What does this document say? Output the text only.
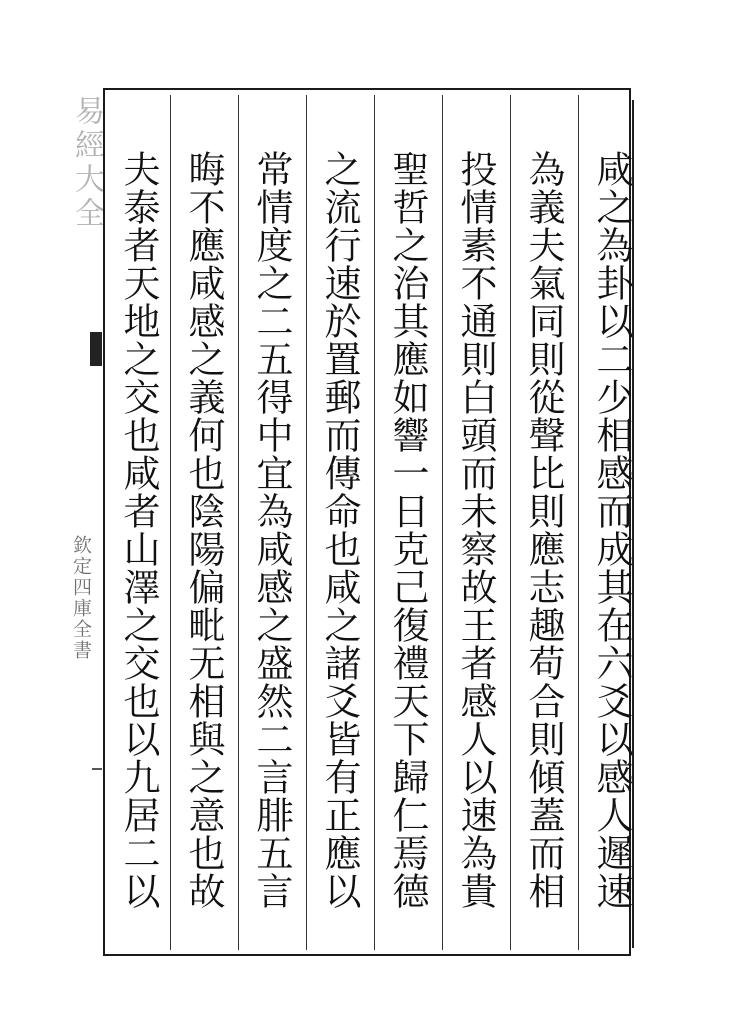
易經大全
欽定四庫全書	咸之為卦以二少相感而成其在六爻以感人遲速
為義夫氣同則從聲比則應志趣苟合則傾蓋而相
投情素不通則白頭而未察故王者感人以速為貴
聖哲之治其應如響一日克己復禮天下歸仁焉德
之流行速於置郵而傳命也咸之諸爻皆有正應以
常情度之二五得中宜為咸感之盛然二言腓五言
晦不應咸感之義何也陰陽偏毗无相與之意也故
夫泰者天地之交也咸者山澤之交也以九居二以
